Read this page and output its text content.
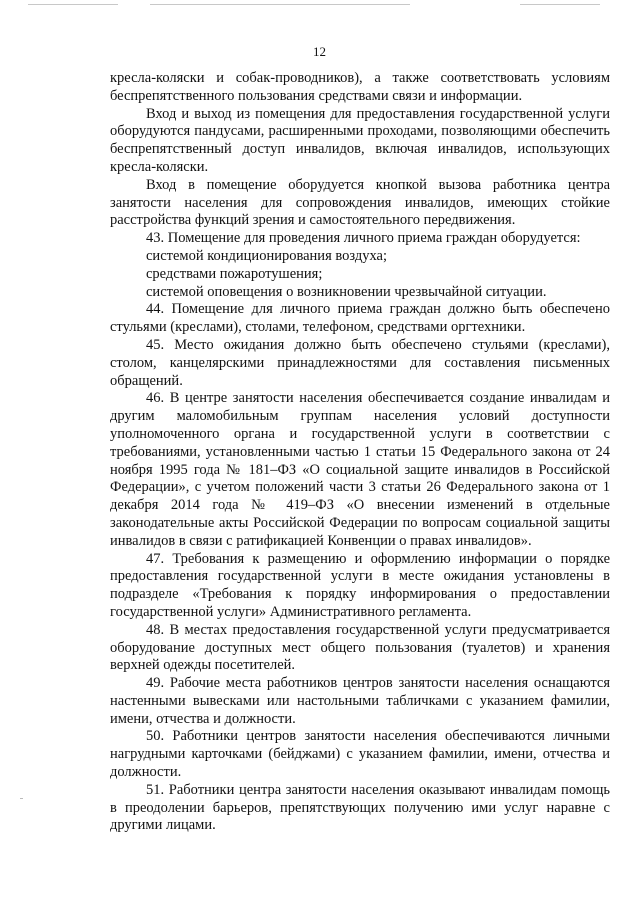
12

кресла-коляски и собак-проводников), а также соответствовать условиям беспрепятственного пользования средствами связи и информации.

Вход и выход из помещения для предоставления государственной услуги оборудуются пандусами, расширенными проходами, позволяющими обеспечить беспрепятственный доступ инвалидов, включая инвалидов, использующих кресла-коляски.

Вход в помещение оборудуется кнопкой вызова работника центра занятости населения для сопровождения инвалидов, имеющих стойкие расстройства функций зрения и самостоятельного передвижения.

43. Помещение для проведения личного приема граждан оборудуется:

системой кондиционирования воздуха;

средствами пожаротушения;

системой оповещения о возникновении чрезвычайной ситуации.

44. Помещение для личного приема граждан должно быть обеспечено стульями (креслами), столами, телефоном, средствами оргтехники.

45. Место ожидания должно быть обеспечено стульями (креслами), столом, канцелярскими принадлежностями для составления письменных обращений.

46. В центре занятости населения обеспечивается создание инвалидам и другим маломобильным группам населения условий доступности уполномоченного органа и государственной услуги в соответствии с требованиями, установленными частью 1 статьи 15 Федерального закона от 24 ноября 1995 года № 181–ФЗ «О социальной защите инвалидов в Российской Федерации», с учетом положений части 3 статьи 26 Федерального закона от 1 декабря 2014 года № 419–ФЗ «О внесении изменений в отдельные законодательные акты Российской Федерации по вопросам социальной защиты инвалидов в связи с ратификацией Конвенции о правах инвалидов».

47. Требования к размещению и оформлению информации о порядке предоставления государственной услуги в месте ожидания установлены в подразделе «Требования к порядку информирования о предоставлении государственной услуги» Административного регламента.

48. В местах предоставления государственной услуги предусматривается оборудование доступных мест общего пользования (туалетов) и хранения верхней одежды посетителей.

49. Рабочие места работников центров занятости населения оснащаются настенными вывесками или настольными табличками с указанием фамилии, имени, отчества и должности.

50. Работники центров занятости населения обеспечиваются личными нагрудными карточками (бейджами) с указанием фамилии, имени, отчества и должности.

51. Работники центра занятости населения оказывают инвалидам помощь в преодолении барьеров, препятствующих получению ими услуг наравне с другими лицами.
